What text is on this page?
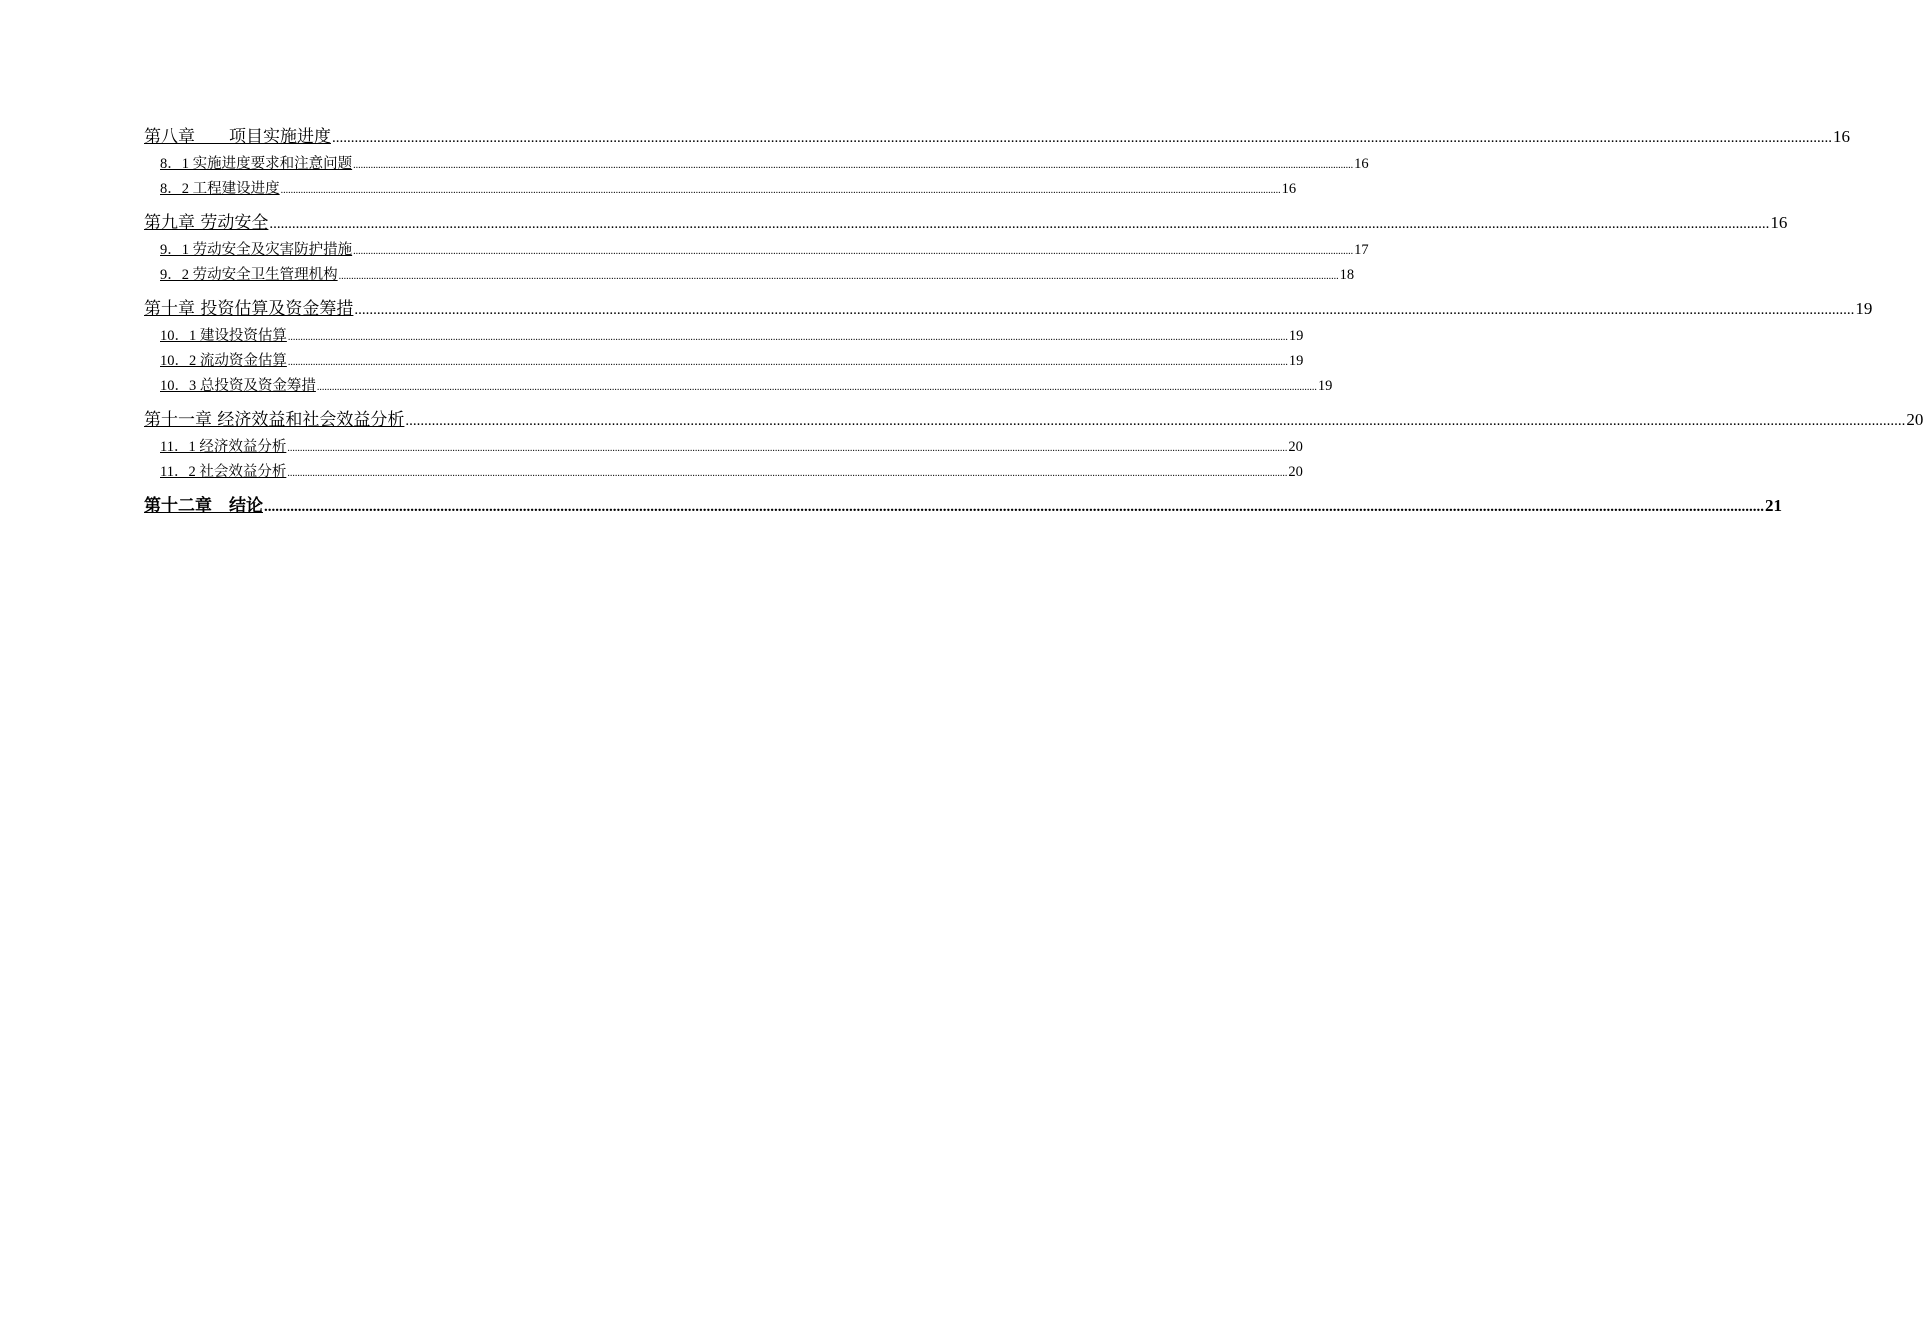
第八章　　项目实施进度 ................................................................................................................................................................................................................................................................................................................................................................................................................ 16
8．1 实施进度要求和注意问题 ................................................................................................................................................................................................................................................................................................................................................................................................................ 16
8．2 工程建设进度 ................................................................................................................................................................................................................................................................................................................................................................................................................ 16
第九章 劳动安全 ................................................................................................................................................................................................................................................................................................................................................................................................................ 16
9．1 劳动安全及灾害防护措施 ................................................................................................................................................................................................................................................................................................................................................................................................................ 17
9．2 劳动安全卫生管理机构 ................................................................................................................................................................................................................................................................................................................................................................................................................ 18
第十章 投资估算及资金筹措 ................................................................................................................................................................................................................................................................................................................................................................................................................ 19
10．1 建设投资估算 ................................................................................................................................................................................................................................................................................................................................................................................................................ 19
10．2 流动资金估算 ................................................................................................................................................................................................................................................................................................................................................................................................................ 19
10．3 总投资及资金筹措 ................................................................................................................................................................................................................................................................................................................................................................................................................ 19
第十一章 经济效益和社会效益分析 ................................................................................................................................................................................................................................................................................................................................................................................................................ 20
11．1 经济效益分析 ................................................................................................................................................................................................................................................................................................................................................................................................................ 20
11．2 社会效益分析 ................................................................................................................................................................................................................................................................................................................................................................................................................ 20
第十二章　结论 ................................................................................................................................................................................................................................................................................................................................................................................................................ 21
